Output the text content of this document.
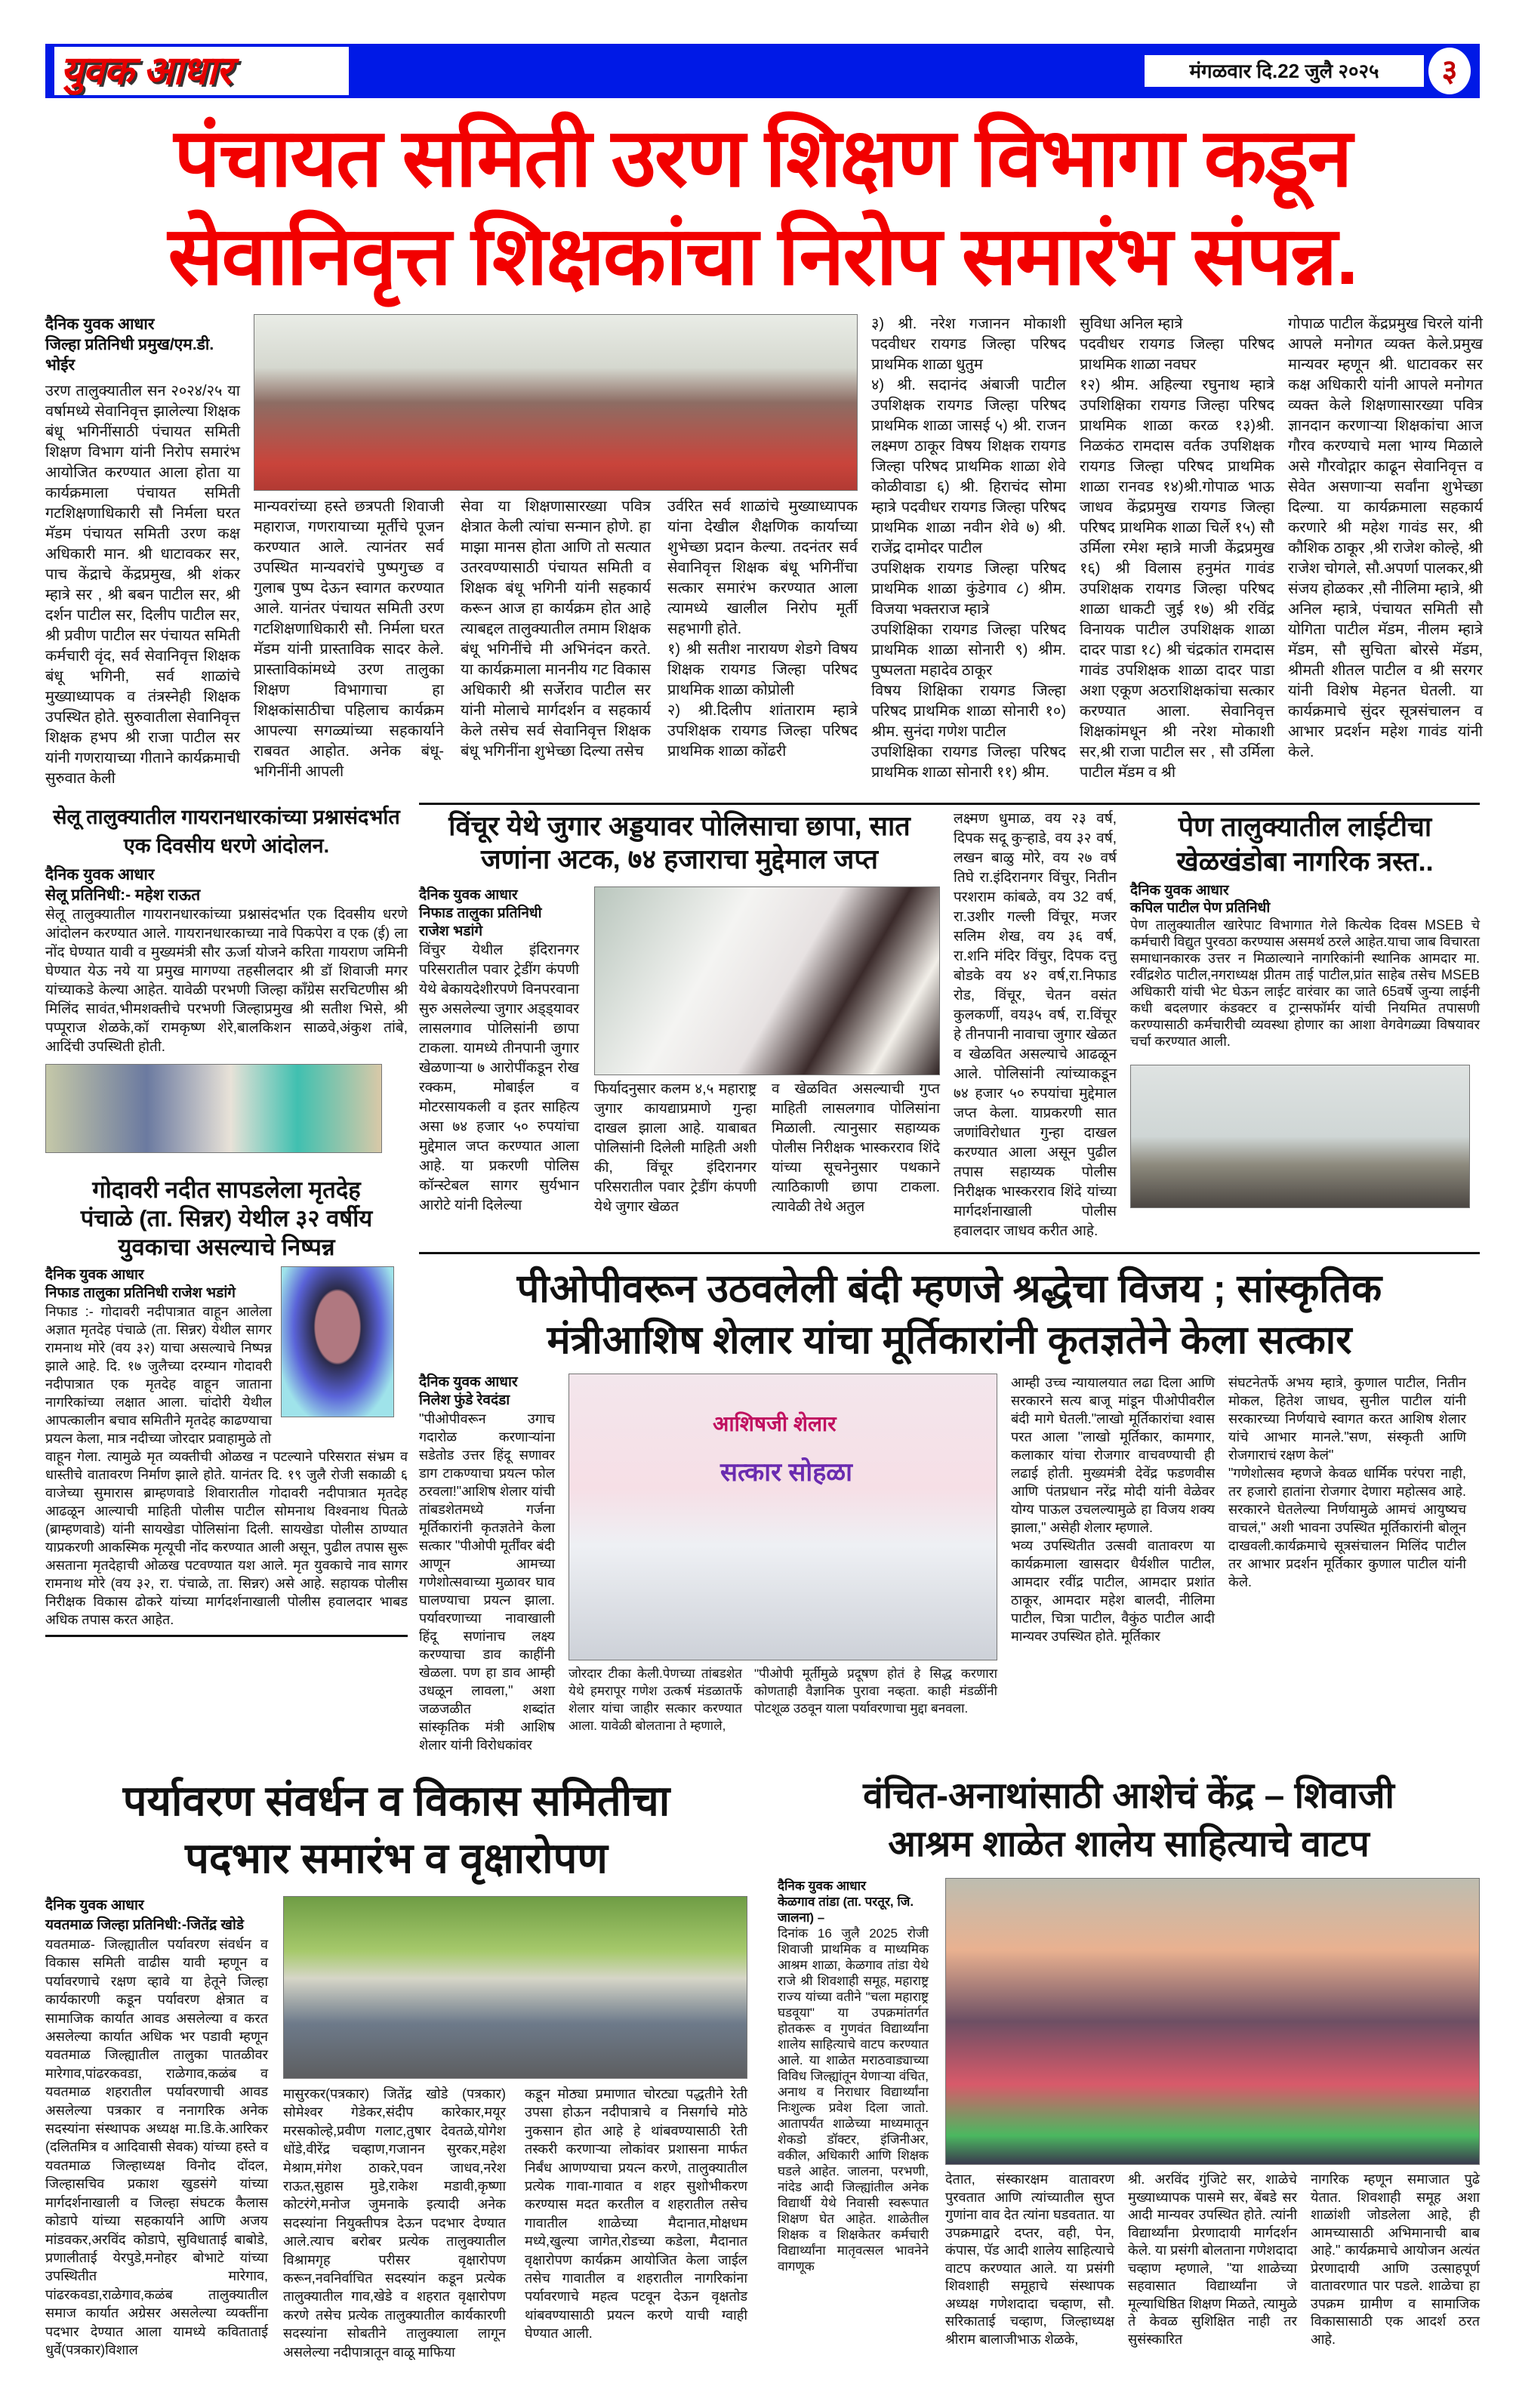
युवक आधार	मंगळवार दि.22 जुलै २०२५	३
पंचायत समिती उरण शिक्षण विभागा कडून
सेवानिवृत्त शिक्षकांचा निरोप समारंभ संपन्न.
दैनिक युवक आधार
जिल्हा प्रतिनिधी प्रमुख/एम.डी. भोईर
उरण तालुक्यातील सन २०२४/२५ या वर्षामध्ये सेवानिवृत्त झालेल्या शिक्षक बंधू भगिनींसाठी पंचायत समिती शिक्षण विभाग यांनी निरोप समारंभ आयोजित करण्यात आला होता या कार्यक्रमाला पंचायत समिती गटशिक्षणाधिकारी सौ निर्मला घरत मॅडम पंचायत समिती उरण कक्ष अधिकारी मान. श्री धाटावकर सर, पाच केंद्राचे केंद्रप्रमुख, श्री शंकर म्हात्रे सर , श्री बबन पाटील सर, श्री दर्शन पाटील सर, दिलीप पाटील सर, श्री प्रवीण पाटील सर पंचायत समिती कर्मचारी वृंद, सर्व सेवानिवृत्त शिक्षक बंधू भगिनी, सर्व शाळांचे मुख्याध्यापक व तंत्रस्नेही शिक्षक उपस्थित होते. सुरुवातीला सेवानिवृत्त शिक्षक हभप श्री राजा पाटील सर यांनी गणरायाच्या गीताने कार्यक्रमाची सुरुवात केली
मान्यवरांच्या हस्ते छत्रपती शिवाजी महाराज, गणरायाच्या मूर्तीचे पूजन करण्यात आले. त्यानंतर सर्व उपस्थित मान्यवरांचे पुष्पगुच्छ व गुलाब पुष्प देऊन स्वागत करण्यात आले. यानंतर पंचायत समिती उरण गटशिक्षणाधिकारी सौ. निर्मला घरत मॅडम यांनी प्रास्ताविक सादर केले. प्रास्ताविकांमध्ये उरण तालुका शिक्षण विभागाचा हा शिक्षकांसाठीचा पहिलाच कार्यक्रम आपल्या सगळ्यांच्या सहकार्याने राबवत आहोत. अनेक बंधू-भगिनींनी आपली
सेवा या शिक्षणासारख्या पवित्र क्षेत्रात केली त्यांचा सन्मान होणे. हा माझा मानस होता आणि तो सत्यात उतरवण्यासाठी पंचायत समिती व शिक्षक बंधू भगिनी यांनी सहकार्य करून आज हा कार्यक्रम होत आहे त्याबद्दल तालुक्यातील तमाम शिक्षक बंधू भगिनींचे मी अभिनंदन करते. या कार्यक्रमाला माननीय गट विकास अधिकारी श्री सर्जेराव पाटील सर यांनी मोलाचे मार्गदर्शन व सहकार्य केले तसेच सर्व सेवानिवृत्त शिक्षक बंधू भगिनींना शुभेच्छा दिल्या तसेच
उर्वरित सर्व शाळांचे मुख्याध्यापक यांना देखील शैक्षणिक कार्याच्या शुभेच्छा प्रदान केल्या. तदनंतर सर्व सेवानिवृत्त शिक्षक बंधू भगिनींचा सत्कार समारंभ करण्यात आला त्यामध्ये खालील निरोप मूर्ती सहभागी होते.
१) श्री सतीश नारायण शेडगे विषय शिक्षक रायगड जिल्हा परिषद प्राथमिक शाळा कोप्रोली
२) श्री.दिलीप शांताराम म्हात्रे उपशिक्षक रायगड जिल्हा परिषद प्राथमिक शाळा कोंढरी
३) श्री. नरेश गजानन मोकाशी पदवीधर रायगड जिल्हा परिषद प्राथमिक शाळा धुतुम
४) श्री. सदानंद अंबाजी पाटील उपशिक्षक रायगड जिल्हा परिषद प्राथमिक शाळा जासई ५) श्री. राजन लक्ष्मण ठाकूर विषय शिक्षक रायगड जिल्हा परिषद प्राथमिक शाळा शेवे कोळीवाडा ६) श्री. हिराचंद सोमा म्हात्रे पदवीधर रायगड जिल्हा परिषद प्राथमिक शाळा नवीन शेवे ७) श्री. राजेंद्र दामोदर पाटील
उपशिक्षक रायगड जिल्हा परिषद प्राथमिक शाळा कुंडेगाव ८) श्रीम. विजया भक्तराज म्हात्रे
उपशिक्षिका रायगड जिल्हा परिषद प्राथमिक शाळा सोनारी ९) श्रीम. पुष्पलता महादेव ठाकूर
विषय शिक्षिका रायगड जिल्हा परिषद प्राथमिक शाळा सोनारी १०) श्रीम. सुनंदा गणेश पाटील
उपशिक्षिका रायगड जिल्हा परिषद प्राथमिक शाळा सोनारी ११) श्रीम.
सुविधा अनिल म्हात्रे
पदवीधर रायगड जिल्हा परिषद प्राथमिक शाळा नवघर
१२) श्रीम. अहिल्या रघुनाथ म्हात्रे उपशिक्षिका रायगड जिल्हा परिषद प्राथमिक शाळा करळ १३)श्री. निळकंठ रामदास वर्तक उपशिक्षक रायगड जिल्हा परिषद प्राथमिक शाळा रानवड १४)श्री.गोपाळ भाऊ जाधव केंद्रप्रमुख रायगड जिल्हा परिषद प्राथमिक शाळा चिर्ले १५) सौ उर्मिला रमेश म्हात्रे माजी केंद्रप्रमुख १६) श्री विलास हनुमंत गावंड उपशिक्षक रायगड जिल्हा परिषद शाळा धाकटी जुई १७) श्री रविंद्र विनायक पाटील उपशिक्षक शाळा दादर पाडा १८) श्री चंद्रकांत रामदास गावंड उपशिक्षक शाळा दादर पाडा अशा एकूण अठराशिक्षकांचा सत्कार करण्यात आला. सेवानिवृत्त शिक्षकांमधून श्री नरेश मोकाशी सर,श्री राजा पाटील सर , सौ उर्मिला पाटील मॅडम व श्री
गोपाळ पाटील केंद्रप्रमुख चिरले यांनी आपले मनोगत व्यक्त केले.प्रमुख मान्यवर म्हणून श्री. धाटावकर सर कक्ष अधिकारी यांनी आपले मनोगत व्यक्त केले शिक्षणासारख्या पवित्र ज्ञानदान करणाऱ्या शिक्षकांचा आज गौरव करण्याचे मला भाग्य मिळाले असे गौरवोद्गार काढून सेवानिवृत्त व सेवेत असणाऱ्या सर्वांना शुभेच्छा दिल्या. या कार्यक्रमाला सहकार्य करणारे श्री महेश गावंड सर, श्री कौशिक ठाकूर ,श्री राजेश कोल्हे, श्री राजेश चोगले, सौ.अपर्णा पालकर,श्री संजय होळकर ,सौ नीलिमा म्हात्रे, श्री अनिल म्हात्रे, पंचायत समिती सौ योगिता पाटील मॅडम, नीलम म्हात्रे मॅडम, सौ सुचिता बोरसे मॅडम, श्रीमती शीतल पाटील व श्री सरगर यांनी विशेष मेहनत घेतली. या कार्यक्रमाचे सुंदर सूत्रसंचालन व आभार प्रदर्शन महेश गावंड यांनी केले.
सेलू तालुक्यातील गायरानधारकांच्या प्रश्नासंदर्भात
एक दिवसीय धरणे आंदोलन.
दैनिक युवक आधार
सेलू प्रतिनिधी:- महेश राऊत
सेलू तालुक्यातील गायरानधारकांच्या प्रश्नासंदर्भात एक दिवसीय धरणे आंदोलन करण्यात आले. गायरानधारकाच्या नावे पिकपेरा व एक (ई) ला नोंद घेण्यात यावी व मुख्यमंत्री सौर ऊर्जा योजने करिता गायराण जमिनी घेण्यात येऊ नये या प्रमुख मागण्या तहसीलदार श्री डॉ शिवाजी मगर यांच्याकडे केल्या आहेत. यावेळी परभणी जिल्हा काँग्रेस सरचिटणीस श्री मिलिंद सावंत,भीमशक्तीचे परभणी जिल्हाप्रमुख श्री सतीश भिसे, श्री पप्पूराज शेळके,कॉ रामकृष्ण शेरे,बालकिशन साळवे,अंकुश तांबे, आदिंची उपस्थिती होती.
गोदावरी नदीत सापडलेला मृतदेह
पंचाळे (ता. सिन्नर) येथील ३२ वर्षीय
युवकाचा असल्याचे निष्पन्न
दैनिक युवक आधार
निफाड तालुका प्रतिनिधी राजेश भडांगे
निफाड :- गोदावरी नदीपात्रात वाहून आलेला अज्ञात मृतदेह पंचाळे (ता. सिन्नर) येथील सागर रामनाथ मोरे (वय ३२) याचा असल्याचे निष्पन्न झाले आहे. दि. १७ जुलैच्या दरम्यान गोदावरी नदीपात्रात एक मृतदेह वाहून जाताना नागरिकांच्या लक्षात आला. चांदोरी येथील आपत्कालीन बचाव समितीने मृतदेह काढण्याचा प्रयत्न केला, मात्र नदीच्या जोरदार प्रवाहामुळे तो
वाहून गेला. त्यामुळे मृत व्यक्तीची ओळख न पटल्याने परिसरात संभ्रम व धास्तीचे वातावरण निर्माण झाले होते. यानंतर दि. १९ जुलै रोजी सकाळी ६ वाजेच्या सुमारास ब्राम्हणवाडे शिवारातील गोदावरी नदीपात्रात मृतदेह आढळून आल्याची माहिती पोलीस पाटील सोमनाथ विश्वनाथ पितळे (ब्राम्हणवाडे) यांनी सायखेडा पोलिसांना दिली. सायखेडा पोलीस ठाण्यात याप्रकरणी आकस्मिक मृत्यूची नोंद करण्यात आली असून, पुढील तपास सुरू असताना मृतदेहाची ओळख पटवण्यात यश आले. मृत युवकाचे नाव सागर रामनाथ मोरे (वय ३२, रा. पंचाळे, ता. सिन्नर) असे आहे. सहायक पोलीस निरीक्षक विकास ढोकरे यांच्या मार्गदर्शनाखाली पोलीस हवालदार भाबड अधिक तपास करत आहेत.
विंचूर येथे जुगार अड्डयावर पोलिसाचा छापा, सात
जणांना अटक, ७४ हजाराचा मुद्देमाल जप्त
दैनिक युवक आधार
निफाड तालुका प्रतिनिधी
राजेश भडांगे
विंचुर येथील इंदिरानगर परिसरातील पवार ट्रेडींग कंपणी येथे बेकायदेशीरपणे विनपरवाना सुरु असलेल्या जुगार अड्ड्यावर लासलगाव पोलिसांनी छापा टाकला. यामध्ये तीनपानी जुगार खेळणाऱ्या ७ आरोपींकडून रोख रक्कम, मोबाईल व मोटरसायकली व इतर साहित्य असा ७४ हजार ५० रुपयांचा मुद्देमाल जप्त करण्यात आला आहे. या प्रकरणी पोलिस कॉन्स्टेबल सागर सुर्यभान आरोटे यांनी दिलेल्या
फिर्यादनुसार कलम ४,५ महाराष्ट्र जुगार कायद्याप्रमाणे गुन्हा दाखल झाला आहे. याबाबत पोलिसांनी दिलेली माहिती अशी की, विंचूर इंदिरानगर परिसरातील पवार ट्रेडींग कंपणी येथे जुगार खेळत
व खेळवित असल्याची गुप्त माहिती लासलगाव पोलिसांना मिळाली. त्यानुसार सहाय्यक पोलीस निरीक्षक भास्करराव शिंदे यांच्या सूचनेनुसार पथकाने त्याठिकाणी छापा टाकला. त्यावेळी तेथे अतुल
लक्ष्मण धुमाळ, वय २३ वर्ष, दिपक सदू कुऱ्हाडे, वय ३२ वर्ष, लखन बाळु मोरे, वय २७ वर्ष तिघे रा.इंदिरानगर विंचुर, नितीन परशराम कांबळे, वय 32 वर्ष, रा.उशीर गल्ली विंचूर, मजर सलिम शेख, वय ३६ वर्ष, रा.शनि मंदिर विंचुर, दिपक दत्तु बोडके वय ४२ वर्ष,रा.निफाड रोड, विंचूर, चेतन वसंत कुलकर्णी, वय३५ वर्ष, रा.विंचूर हे तीनपानी नावाचा जुगार खेळत व खेळवित असल्याचे आढळून आले. पोलिसांनी त्यांच्याकडून ७४ हजार ५० रुपयांचा मुद्देमाल जप्त केला. याप्रकरणी सात जणांविरोधात गुन्हा दाखल करण्यात आला असून पुढील तपास सहाय्यक पोलीस निरीक्षक भास्करराव शिंदे यांच्या मार्गदर्शनाखाली पोलीस हवालदार जाधव करीत आहे.
पेण तालुक्यातील लाईटीचा
खेळखंडोबा नागरिक त्रस्त..
दैनिक युवक आधार
कपिल पाटील पेण प्रतिनिधी
पेण तालुक्यातील खारेपाट विभागात गेले कित्येक दिवस MSEB चे कर्मचारी विद्युत पुरवठा करण्यास असमर्थ ठरले आहेत.याचा जाब विचारता समाधानकारक उत्तर न मिळाल्याने नागरिकांनी स्थानिक आमदार मा. रवींद्रशेठ पाटील,नगराध्यक्ष प्रीतम ताई पाटील,प्रांत साहेब तसेच MSEB अधिकारी यांची भेट घेऊन लाईट वारंवार का जाते 65वर्षे जुन्या लाईनी कधी बदलणार कंडक्टर व ट्रान्सफॉर्मर यांची नियमित तपासणी करण्यासाठी कर्मचारीची व्यवस्था होणार का आशा वेगवेगळ्या विषयावर चर्चा करण्यात आली.
पीओपीवरून उठवलेली बंदी म्हणजे श्रद्धेचा विजय ; सांस्कृतिक
मंत्रीआशिष शेलार यांचा मूर्तिकारांनी कृतज्ञतेने केला सत्कार
दैनिक युवक आधार
निलेश फुंडे रेवदंडा
"पीओपीवरून उगाच गदारोळ करणाऱ्यांना सडेतोड उत्तर हिंदू सणावर डाग टाकण्याचा प्रयत्न फोल ठरवला!"आशिष शेलार यांची तांबडशेतमध्ये गर्जना मूर्तिकारांनी कृतज्ञतेने केला सत्कार "पीओपी मूर्तींवर बंदी आणून आमच्या गणेशोत्सवाच्या मुळावर घाव घालण्याचा प्रयत्न झाला. पर्यावरणाच्या नावाखाली हिंदू सणांनाच लक्ष्य करण्याचा डाव काहींनी खेळला. पण हा डाव आम्ही उधळून लावला," अशा जळजळीत शब्दांत सांस्कृतिक मंत्री आशिष शेलार यांनी विरोधकांवर
आशिषजी शेलार
सत्कार सोहळा
जोरदार टीका केली.पेणच्या तांबडशेत येथे हमरापूर गणेश उत्कर्ष मंडळातर्फे शेलार यांचा जाहीर सत्कार करण्यात आला. यावेळी बोलताना ते म्हणाले,
"पीओपी मूर्तीमुळे प्रदूषण होतं हे सिद्ध करणारा कोणताही वैज्ञानिक पुरावा नव्हता. काही मंडळींनी पोटशूळ उठवून याला पर्यावरणाचा मुद्दा बनवला.
आम्ही उच्च न्यायालयात लढा दिला आणि सरकारने सत्य बाजू मांडून पीओपीवरील बंदी मागे घेतली."लाखो मूर्तिकारांचा श्वास परत आला "लाखो मूर्तिकार, कामगार, कलाकार यांचा रोजगार वाचवण्याची ही लढाई होती. मुख्यमंत्री देवेंद्र फडणवीस आणि पंतप्रधान नरेंद्र मोदी यांनी वेळेवर योग्य पाऊल उचलल्यामुळे हा विजय शक्य झाला," असेही शेलार म्हणाले.
भव्य उपस्थितीत उत्सवी वातावरण या कार्यक्रमाला खासदार धैर्यशील पाटील, आमदार रवींद्र पाटील, आमदार प्रशांत ठाकूर, आमदार महेश बालदी, नीलिमा पाटील, चित्रा पाटील, वैकुंठ पाटील आदी मान्यवर उपस्थित होते. मूर्तिकार
संघटनेतर्फे अभय म्हात्रे, कुणाल पाटील, नितीन मोकल, हितेश जाधव, सुनील पाटील यांनी सरकारच्या निर्णयाचे स्वागत करत आशिष शेलार यांचे आभार मानले."सण, संस्कृती आणि रोजगाराचं रक्षण केलं"
"गणेशोत्सव म्हणजे केवळ धार्मिक परंपरा नाही, तर हजारो हातांना रोजगार देणारा महोत्सव आहे. सरकारने घेतलेल्या निर्णयामुळे आमचं आयुष्यच वाचलं," अशी भावना उपस्थित मूर्तिकारांनी बोलून दाखवली.कार्यक्रमाचे सूत्रसंचालन मिलिंद पाटील तर आभार प्रदर्शन मूर्तिकार कुणाल पाटील यांनी केले.
पर्यावरण संवर्धन व विकास समितीचा
पदभार समारंभ व वृक्षारोपण
दैनिक युवक आधार
यवतमाळ जिल्हा प्रतिनिधी:-जितेंद्र खोडे
यवतमाळ- जिल्ह्यातील पर्यावरण संवर्धन व विकास समिती वाढीस यावी म्हणून व पर्यावरणाचे रक्षण व्हावे या हेतूने जिल्हा कार्यकारणी कडून पर्यावरण क्षेत्रात व सामाजिक कार्यात आवड असलेल्या व करत असलेल्या कार्यात अधिक भर पडावी म्हणून यवतमाळ जिल्ह्यातील तालुका पातळीवर मारेगाव,पांढरकवडा, राळेगाव,कळंब व यवतमाळ शहरातील पर्यावरणाची आवड असलेल्या पत्रकार व ननागरिक अनेक सदस्यांना संस्थापक अध्यक्ष मा.डि.के.आरिकर (दलितमित्र व आदिवासी सेवक) यांच्या हस्ते व यवतमाळ जिल्हाध्यक्ष विनोद दोंदल, जिल्हासचिव प्रकाश खुडसंगे यांच्या मार्गदर्शनाखाली व जिल्हा संघटक कैलास कोडापे यांच्या सहकार्याने आणि अजय मांडवकर,अरविंद कोडापे, सुविधाताई बाबोडे, प्रणालीताई येरपुडे,मनोहर बोभाटे यांच्या उपस्थितीत मारेगाव, पांढरकवडा,राळेगाव,कळंब तालुक्यातील समाज कार्यात अग्रेसर असलेल्या व्यक्तींना पदभार देण्यात आला यामध्ये कविताताई धुर्वे(पत्रकार)विशाल
मासुरकर(पत्रकार) जितेंद्र खोडे (पत्रकार) सोमेश्वर गेडेकर,संदीप कारेकार,मयूर मरसकोल्हे,प्रवीण गलाट,तुषार देवतळे,योगेश धोंडे,वीरेंद्र चव्हाण,गजानन सुरकर,महेश मेश्राम,मंगेश ठाकरे,पवन जाधव,नरेश राऊत,सुहास मुडे,राकेश मडावी,कृष्णा कोटरंगे,मनोज जुमनाके इत्यादी अनेक सदस्यांना नियुक्तीपत्र देऊन पदभार देण्यात आले.त्याच बरोबर प्रत्येक तालुक्यातील विश्रामगृह परीसर वृक्षारोपण करून,नवनिर्वाचित सदस्यांन कडून प्रत्येक तालुक्यातील गाव,खेडे व शहरात वृक्षारोपण करणे तसेच प्रत्येक तालुक्यातील कार्यकारणी सदस्यांना सोबतीने तालुक्याला लागून असलेल्या नदीपात्रातून वाळू माफिया
कडून मोठ्या प्रमाणात चोरट्या पद्धतीने रेती उपसा होऊन नदीपात्राचे व निसर्गाचे मोठे नुकसान होत आहे हे थांबवण्यासाठी रेती तस्करी करणाऱ्या लोकांवर प्रशासना मार्फत निर्बंध आणण्याचा प्रयत्न करणे, तालुक्यातील प्रत्येक गावा-गावात व शहर सुशोभीकरण करण्यास मदत करतील व शहरातील तसेच गावातील शाळेच्या मैदानात,मोक्षधम मध्ये,खुल्या जागेत,रोडच्या कडेला, मैदानात वृक्षारोपण कार्यक्रम आयोजित केला जाईल तसेच गावातील व शहरातील नागरिकांना पर्यावरणाचे महत्व पटवून देऊन वृक्षतोड थांबवण्यासाठी प्रयत्न करणे याची ग्वाही घेण्यात आली.
वंचित-अनाथांसाठी आशेचं केंद्र – शिवाजी
आश्रम शाळेत शालेय साहित्याचे वाटप
दैनिक युवक आधार
केळगाव तांडा (ता. परतूर, जि. जालना) –
दिनांक 16 जुलै 2025 रोजी शिवाजी प्राथमिक व माध्यमिक आश्रम शाळा, केळगाव तांडा येथे राजे श्री शिवशाही समूह, महाराष्ट्र राज्य यांच्या वतीने "चला महाराष्ट्र घडवूया" या उपक्रमांतर्गत होतकरू व गुणवंत विद्यार्थ्यांना शालेय साहित्याचे वाटप करण्यात आले. या शाळेत मराठवाड्याच्या विविध जिल्ह्यांतून येणाऱ्या वंचित, अनाथ व निराधार विद्यार्थ्यांना निःशुल्क प्रवेश दिला जातो. आतापर्यंत शाळेच्या माध्यमातून शेकडो डॉक्टर, इंजिनीअर, वकील, अधिकारी आणि शिक्षक घडले आहेत. जालना, परभणी, नांदेड आदी जिल्ह्यांतील अनेक विद्यार्थी येथे निवासी स्वरूपात शिक्षण घेत आहेत. शाळेतील शिक्षक व शिक्षकेतर कर्मचारी विद्यार्थ्यांना मातृवत्सल भावनेने वागणूक
देतात, संस्कारक्षम वातावरण पुरवतात आणि त्यांच्यातील सुप्त गुणांना वाव देत त्यांना घडवतात. या उपक्रमाद्वारे दप्तर, वही, पेन, कंपास, पॅड आदी शालेय साहित्याचे वाटप करण्यात आले. या प्रसंगी शिवशाही समूहाचे संस्थापक अध्यक्ष गणेशदादा चव्हाण, सौ. सरिकाताई चव्हाण, जिल्हाध्यक्ष श्रीराम बालाजीभाऊ शेळके,
श्री. अरविंद गुंजिटे सर, शाळेचे मुख्याध्यापक पासमे सर, बेंबडे सर आदी मान्यवर उपस्थित होते. त्यांनी विद्यार्थ्यांना प्रेरणादायी मार्गदर्शन केले. या प्रसंगी बोलताना गणेशदादा चव्हाण म्हणाले, "या शाळेच्या सहवासात विद्यार्थ्यांना जे मूल्याधिष्ठित शिक्षण मिळते, त्यामुळे ते केवळ सुशिक्षित नाही तर सुसंस्कारित
नागरिक म्हणून समाजात पुढे येतात. शिवशाही समूह अशा शाळांशी जोडलेला आहे, ही आमच्यासाठी अभिमानाची बाब आहे." कार्यक्रमाचे आयोजन अत्यंत प्रेरणादायी आणि उत्साहपूर्ण वातावरणात पार पडले. शाळेचा हा उपक्रम ग्रामीण व सामाजिक विकासासाठी एक आदर्श ठरत आहे.
